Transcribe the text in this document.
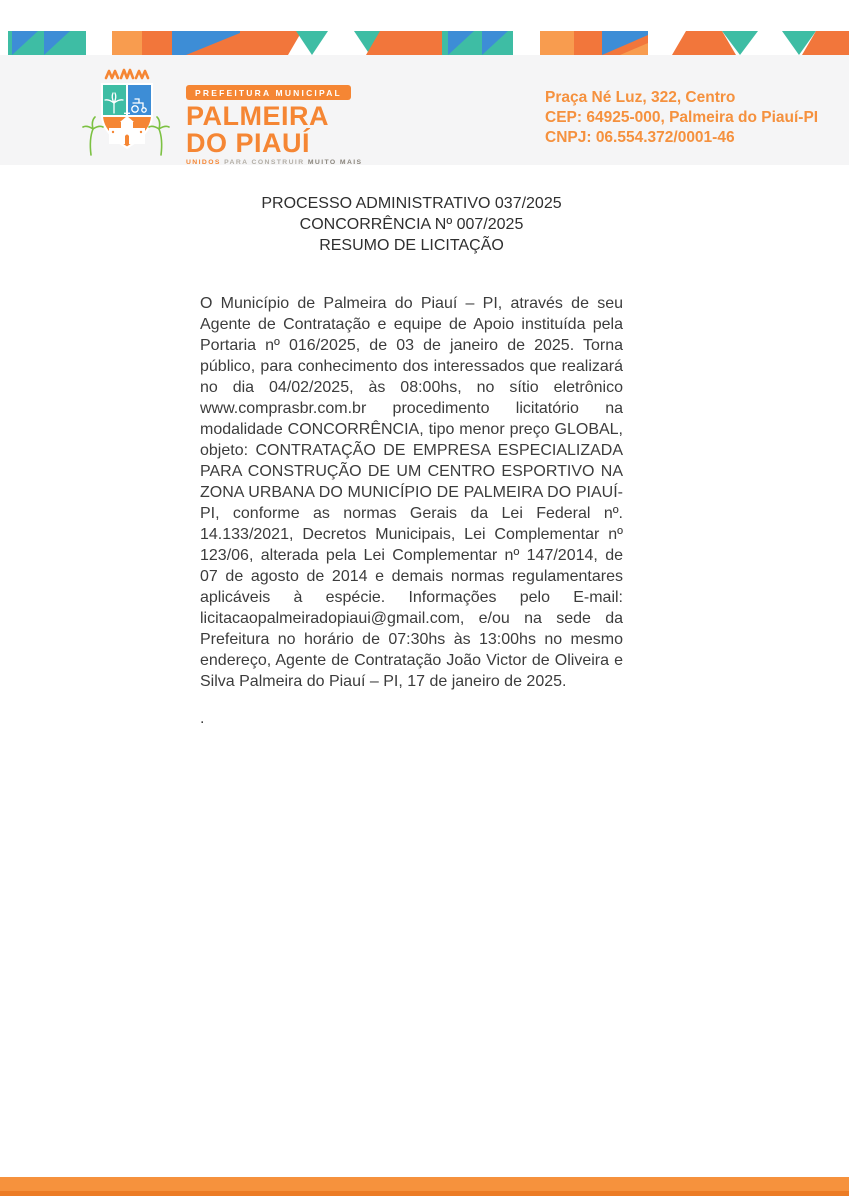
PREFEITURA MUNICIPAL
PALMEIRA
DO PIAUÍ
UNIDOS PARA CONSTRUIR MUITO MAIS
Praça Né Luz, 322, Centro
CEP: 64925-000, Palmeira do Piauí-PI
CNPJ: 06.554.372/0001-46
PROCESSO ADMINISTRATIVO 037/2025
CONCORRÊNCIA Nº 007/2025
RESUMO DE LICITAÇÃO

O Município de Palmeira do Piauí – PI, através de seu Agente de Contratação e equipe de Apoio instituída pela Portaria nº 016/2025, de 03 de janeiro de 2025. Torna público, para conhecimento dos interessados que realizará no dia 04/02/2025, às 08:00hs, no sítio eletrônico www.comprasbr.com.br procedimento licitatório na modalidade CONCORRÊNCIA, tipo menor preço GLOBAL, objeto: CONTRATAÇÃO DE EMPRESA ESPECIALIZADA PARA CONSTRUÇÃO DE UM CENTRO ESPORTIVO NA ZONA URBANA DO MUNICÍPIO DE PALMEIRA DO PIAUÍ-PI, conforme as normas Gerais da Lei Federal nº. 14.133/2021, Decretos Municipais, Lei Complementar nº 123/06, alterada pela Lei Complementar nº 147/2014, de 07 de agosto de 2014 e demais normas regulamentares aplicáveis à espécie. Informações pelo E-mail: licitacaopalmeiradopiaui@gmail.com, e/ou na sede da Prefeitura no horário de 07:30hs às 13:00hs no mesmo endereço, Agente de Contratação João Victor de Oliveira e Silva Palmeira do Piauí – PI, 17 de janeiro de 2025.

.
